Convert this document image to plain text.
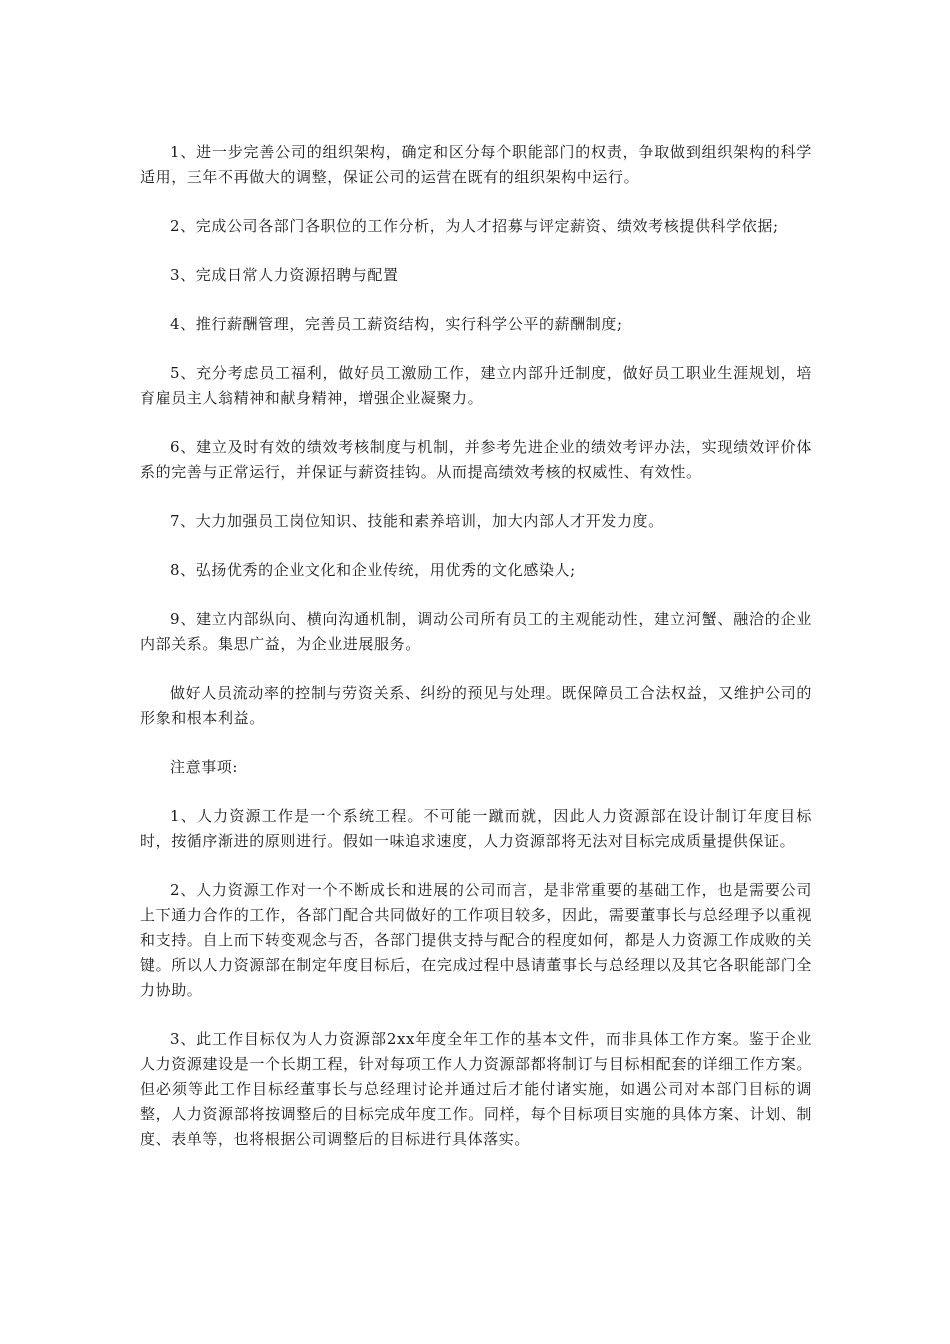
1、进一步完善公司的组织架构，确定和区分每个职能部门的权责，争取做到组织架构的科学适用，三年不再做大的调整，保证公司的运营在既有的组织架构中运行。

2、完成公司各部门各职位的工作分析，为人才招募与评定薪资、绩效考核提供科学依据;

3、完成日常人力资源招聘与配置

4、推行薪酬管理，完善员工薪资结构，实行科学公平的薪酬制度;

5、充分考虑员工福利，做好员工激励工作，建立内部升迁制度，做好员工职业生涯规划，培育雇员主人翁精神和献身精神，增强企业凝聚力。

6、建立及时有效的绩效考核制度与机制，并参考先进企业的绩效考评办法，实现绩效评价体系的完善与正常运行，并保证与薪资挂钩。从而提高绩效考核的权威性、有效性。

7、大力加强员工岗位知识、技能和素养培训，加大内部人才开发力度。

8、弘扬优秀的企业文化和企业传统，用优秀的文化感染人;

9、建立内部纵向、横向沟通机制，调动公司所有员工的主观能动性，建立河蟹、融洽的企业内部关系。集思广益，为企业进展服务。

做好人员流动率的控制与劳资关系、纠纷的预见与处理。既保障员工合法权益，又维护公司的形象和根本利益。

注意事项:

1、人力资源工作是一个系统工程。不可能一蹴而就，因此人力资源部在设计制订年度目标时，按循序渐进的原则进行。假如一味追求速度，人力资源部将无法对目标完成质量提供保证。

2、人力资源工作对一个不断成长和进展的公司而言，是非常重要的基础工作，也是需要公司上下通力合作的工作，各部门配合共同做好的工作项目较多，因此，需要董事长与总经理予以重视和支持。自上而下转变观念与否，各部门提供支持与配合的程度如何，都是人力资源工作成败的关键。所以人力资源部在制定年度目标后，在完成过程中恳请董事长与总经理以及其它各职能部门全力协助。

3、此工作目标仅为人力资源部2xx年度全年工作的基本文件，而非具体工作方案。鉴于企业人力资源建设是一个长期工程，针对每项工作人力资源部都将制订与目标相配套的详细工作方案。但必须等此工作目标经董事长与总经理讨论并通过后才能付诸实施，如遇公司对本部门目标的调整，人力资源部将按调整后的目标完成年度工作。同样，每个目标项目实施的具体方案、计划、制度、表单等，也将根据公司调整后的目标进行具体落实。
